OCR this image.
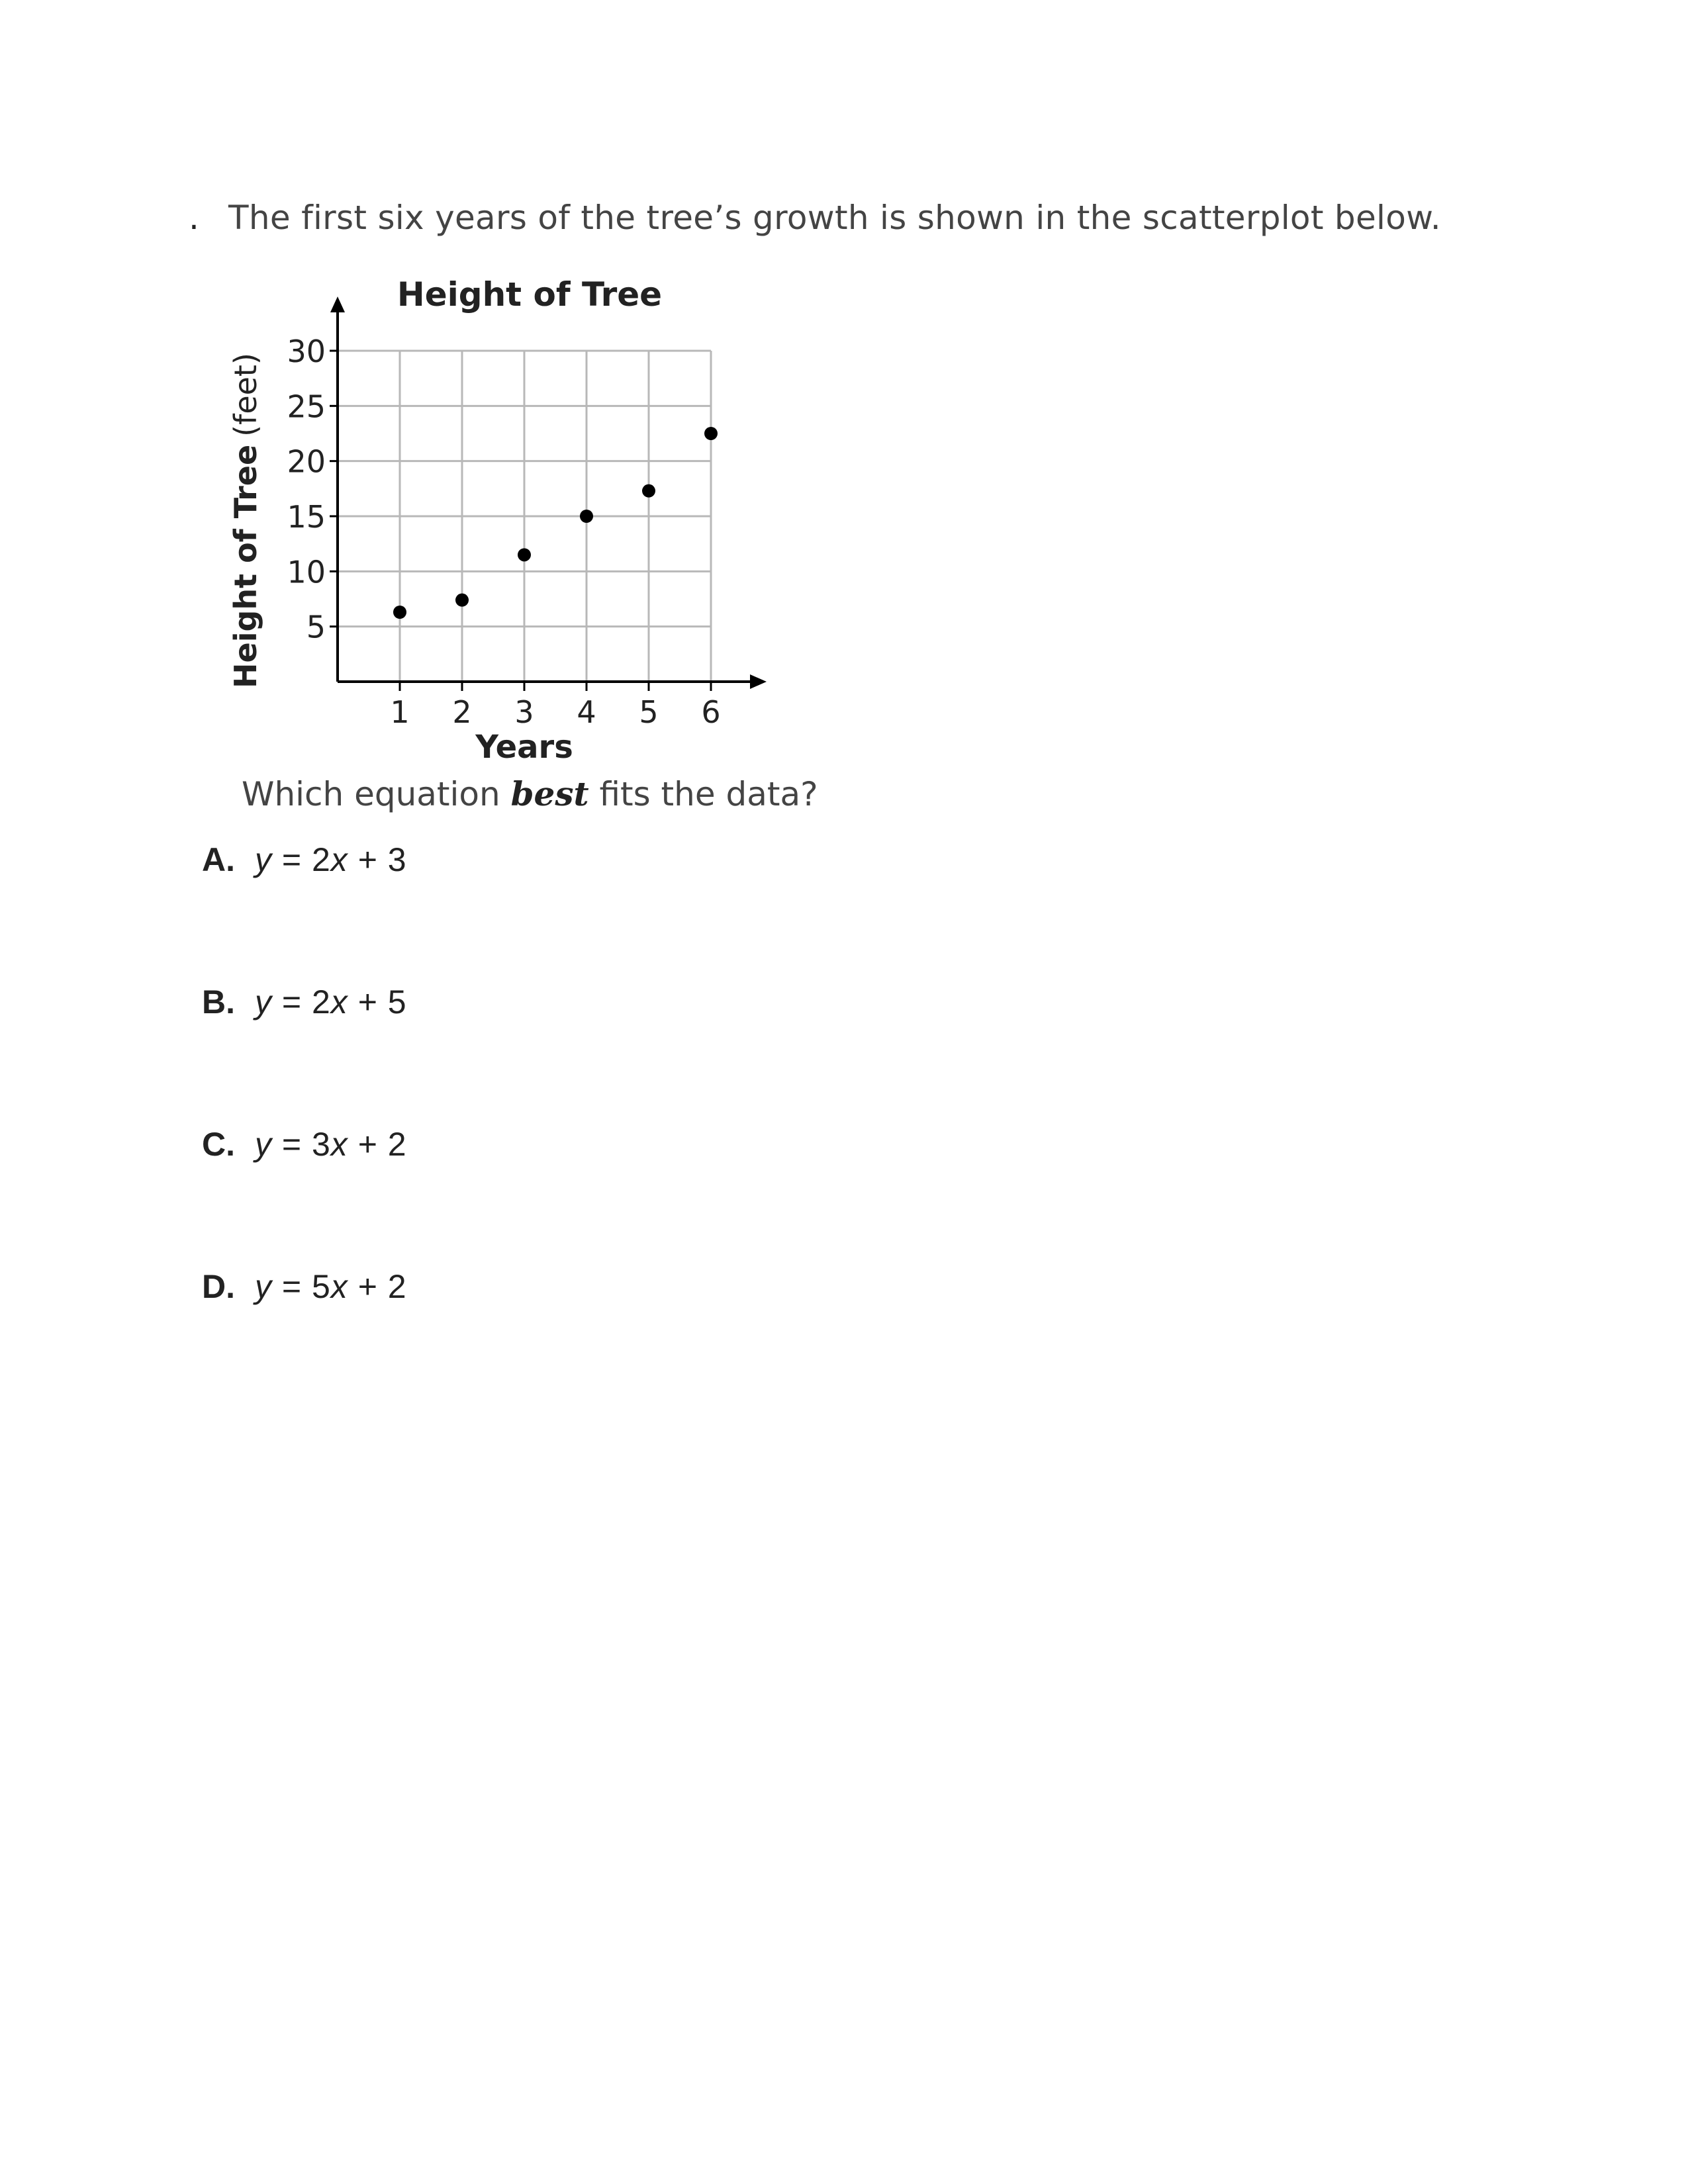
. The first six years of the tree’s growth is shown in the scatterplot below.
Height of Tree
5
10
15
20
25
30
1 2 3 4 5 6
Years
Height of Tree(feet)
Which equation best fits the data?
A. y = 2x + 3
B. y = 2x + 5
C. y = 3x + 2
D. y = 5x + 2
